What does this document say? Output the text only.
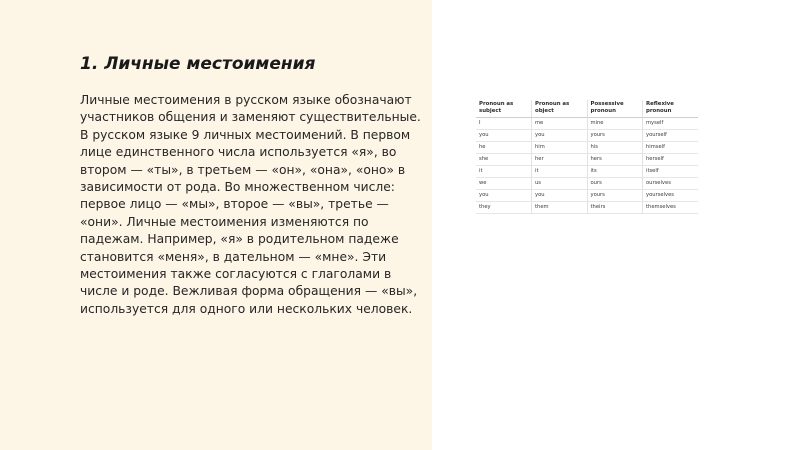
1. Личные местоимения

Личные местоимения в русском языке обозначают участников общения и заменяют существительные. В русском языке 9 личных местоимений. В первом лице единственного числа используется «я», во втором — «ты», в третьем — «он», «она», «оно» в зависимости от рода. Во множественном числе: первое лицо — «мы», второе — «вы», третье — «они». Личные местоимения изменяются по падежам. Например, «я» в родительном падеже становится «меня», в дательном — «мне». Эти местоимения также согласуются с глаголами в числе и роде. Вежливая форма обращения — «вы», используется для одного или нескольких человек.

Pronoun as subject	Pronoun as object	Possessive pronoun	Reflexive pronoun
I	me	mine	myself
you	you	yours	yourself
he	him	his	himself
she	her	hers	herself
it	it	its	itself
we	us	ours	ourselves
you	you	yours	yourselves
they	them	theirs	themselves
